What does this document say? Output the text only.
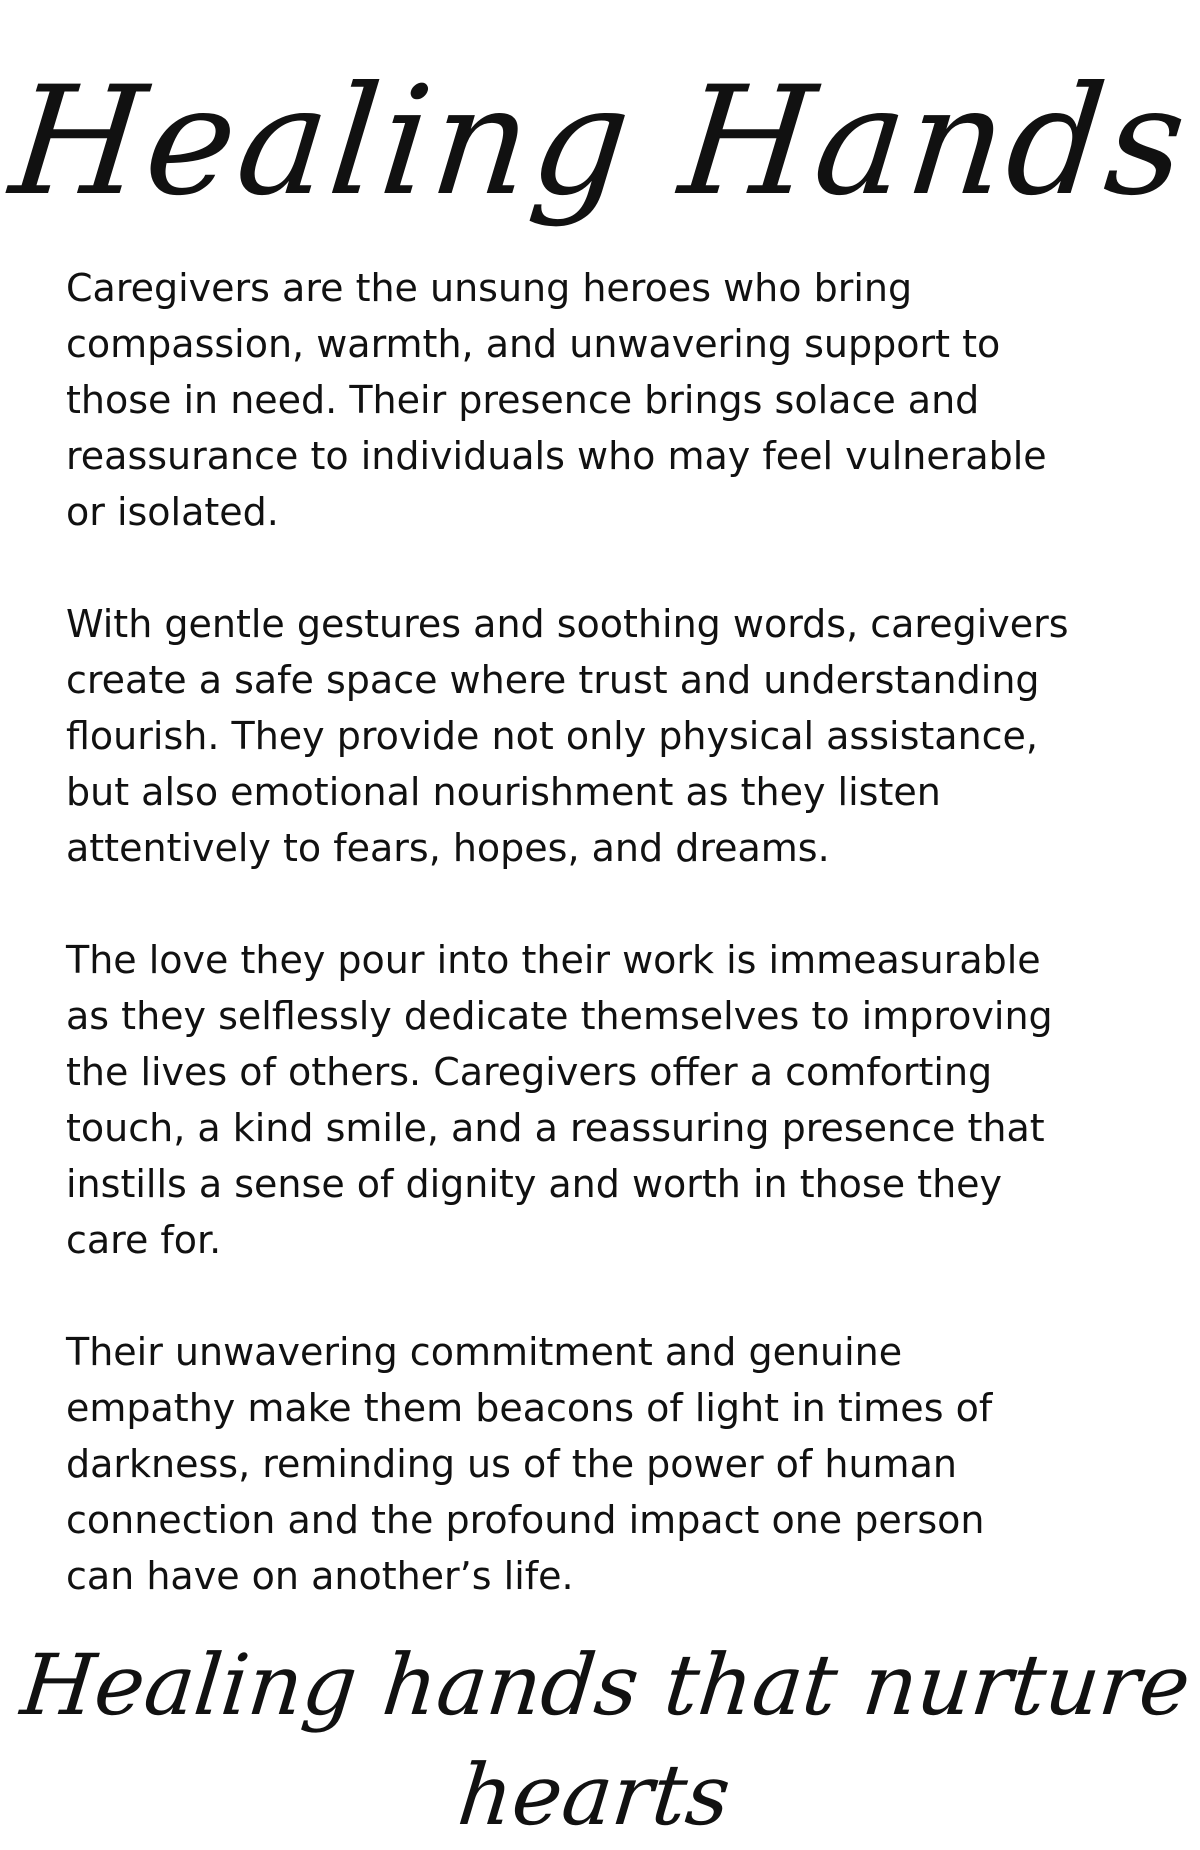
Healing Hands

Caregivers are the unsung heroes who bring
compassion, warmth, and unwavering support to
those in need. Their presence brings solace and
reassurance to individuals who may feel vulnerable
or isolated.

With gentle gestures and soothing words, caregivers
create a safe space where trust and understanding
flourish. They provide not only physical assistance,
but also emotional nourishment as they listen
attentively to fears, hopes, and dreams.

The love they pour into their work is immeasurable
as they selflessly dedicate themselves to improving
the lives of others. Caregivers offer a comforting
touch, a kind smile, and a reassuring presence that
instills a sense of dignity and worth in those they
care for.

Their unwavering commitment and genuine
empathy make them beacons of light in times of
darkness, reminding us of the power of human
connection and the profound impact one person
can have on another’s life.

Healing hands that nurture hearts
